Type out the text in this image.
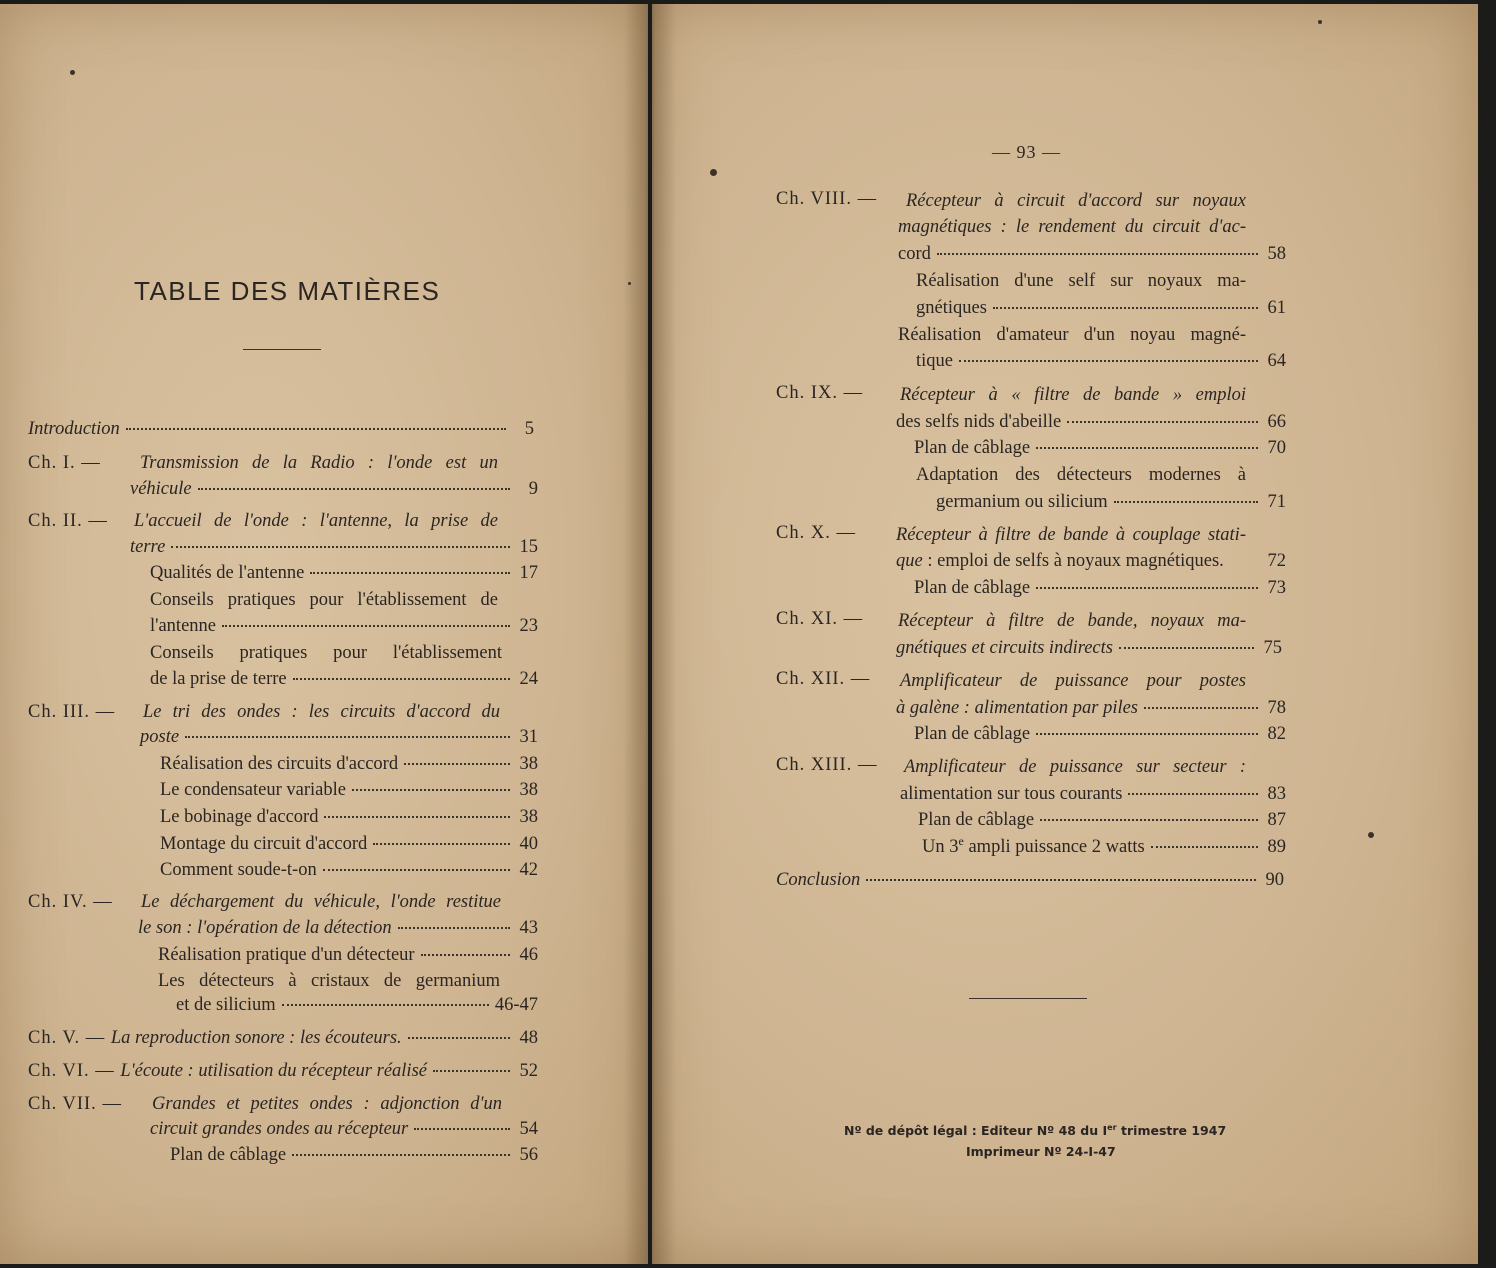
TABLE DES MATIÈRES
Introduction	5
Ch. I. — Transmission de la Radio : l'onde est un
véhicule	9
Ch. II. — L'accueil de l'onde : l'antenne, la prise de
terre	15
Qualités de l'antenne	17
Conseils pratiques pour l'établissement de
l'antenne	23
Conseils pratiques pour l'établissement
de la prise de terre	24
Ch. III. — Le tri des ondes : les circuits d'accord du
poste	31
Réalisation des circuits d'accord	38
Le condensateur variable	38
Le bobinage d'accord	38
Montage du circuit d'accord	40
Comment soude-t-on	42
Ch. IV. — Le déchargement du véhicule, l'onde restitue
le son : l'opération de la détection	43
Réalisation pratique d'un détecteur	46
Les détecteurs à cristaux de germanium
et de silicium	46-47
Ch. V. — La reproduction sonore : les écouteurs.	48
Ch. VI. — L'écoute : utilisation du récepteur réalisé	52
Ch. VII. — Grandes et petites ondes : adjonction d'un
circuit grandes ondes au récepteur	54
Plan de câblage	56
— 93 —
Ch. VIII. — Récepteur à circuit d'accord sur noyaux
magnétiques : le rendement du circuit d'ac-
cord	58
Réalisation d'une self sur noyaux ma-
gnétiques	61
Réalisation d'amateur d'un noyau magné-
tique	64
Ch. IX. — Récepteur à « filtre de bande » emploi
des selfs nids d'abeille	66
Plan de câblage	70
Adaptation des détecteurs modernes à
germanium ou silicium	71
Ch. X. — Récepteur à filtre de bande à couplage stati-
que : emploi de selfs à noyaux magnétiques. 72
Plan de câblage	73
Ch. XI. — Récepteur à filtre de bande, noyaux ma-
gnétiques et circuits indirects	75
Ch. XII. — Amplificateur de puissance pour postes
à galène : alimentation par piles	78
Plan de câblage	82
Ch. XIII. — Amplificateur de puissance sur secteur :
alimentation sur tous courants	83
Plan de câblage	87
Un 3e ampli puissance 2 watts	89
Conclusion	90
Nº de dépôt légal : Editeur Nº 48 du Ier trimestre 1947
Imprimeur Nº 24-I-47
